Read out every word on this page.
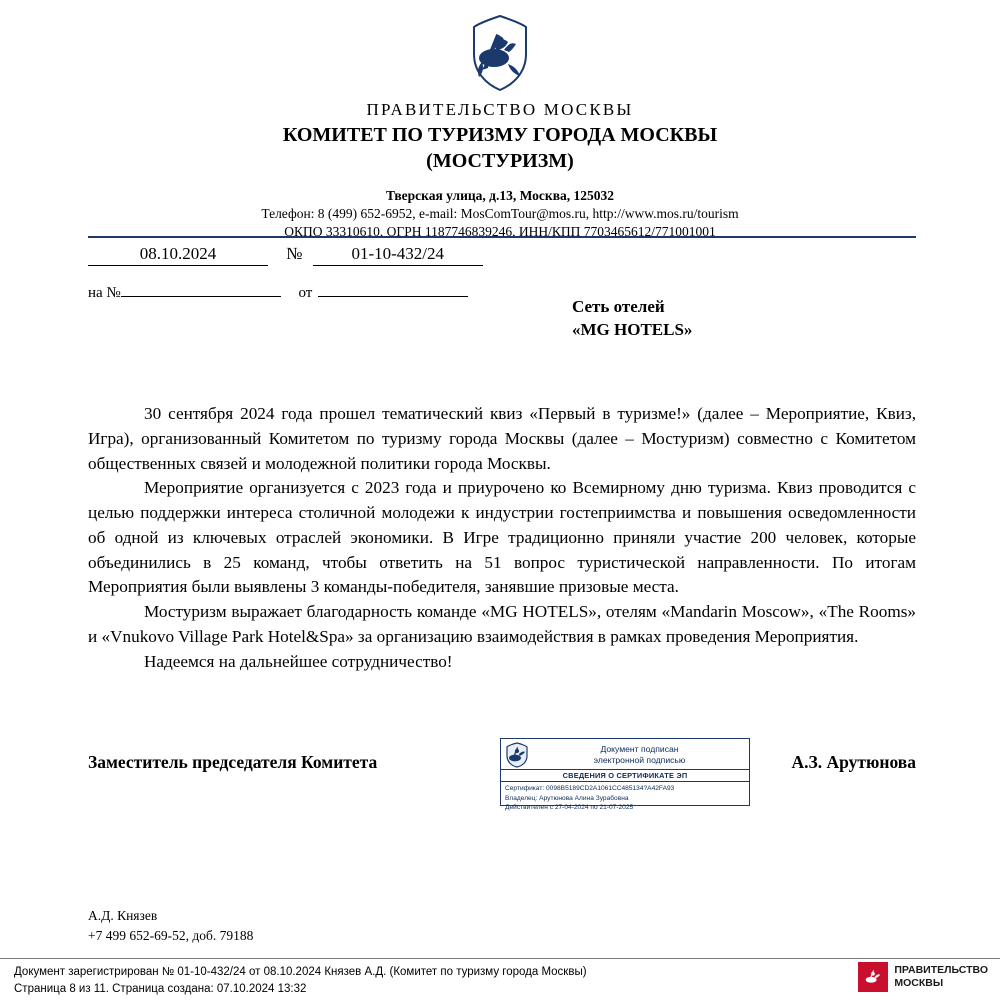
ПРАВИТЕЛЬСТВО МОСКВЫ
КОМИТЕТ ПО ТУРИЗМУ ГОРОДА МОСКВЫ
(МОСТУРИЗМ)
Тверская улица, д.13, Москва, 125032
Телефон: 8 (499) 652-6952, e-mail: MosComTour@mos.ru, http://www.mos.ru/tourism
ОКПО 33310610, ОГРН 1187746839246, ИНН/КПП 7703465612/771001001
08.10.2024	№	01-10-432/24
на №	от
Сеть отелей
«MG HOTELS»

30 сентября 2024 года прошел тематический квиз «Первый в туризме!» (далее – Мероприятие, Квиз, Игра), организованный Комитетом по туризму города Москвы (далее – Мостуризм) совместно с Комитетом общественных связей и молодежной политики города Москвы.

Мероприятие организуется с 2023 года и приурочено ко Всемирному дню туризма. Квиз проводится с целью поддержки интереса столичной молодежи к индустрии гостеприимства и повышения осведомленности об одной из ключевых отраслей экономики. В Игре традиционно приняли участие 200 человек, которые объединились в 25 команд, чтобы ответить на 51 вопрос туристической направленности. По итогам Мероприятия были выявлены 3 команды-победителя, занявшие призовые места.

Мостуризм выражает благодарность команде «MG HOTELS», отелям «Mandarin Moscow», «The Rooms» и «Vnukovo Village Park Hotel&Spa» за организацию взаимодействия в рамках проведения Мероприятия.

Надеемся на дальнейшее сотрудничество!

Заместитель председателя Комитета	А.З. Арутюнова
Документ подписан
электронной подписью
СВЕДЕНИЯ О СЕРТИФИКАТЕ ЭП
Сертификат: 0098B5189CD2A1061CC485134?A42FA93
Владелец: Арутюнова Алина Зурабовна
Действителен с 27-04-2024 по 21-07-2025
А.Д. Князев
+7 499 652-69-52, доб. 79188
Документ зарегистрирован № 01-10-432/24 от 08.10.2024 Князев А.Д. (Комитет по туризму города Москвы)
Страница 8 из 11. Страница создана: 07.10.2024 13:32
ПРАВИТЕЛЬСТВО
МОСКВЫ
